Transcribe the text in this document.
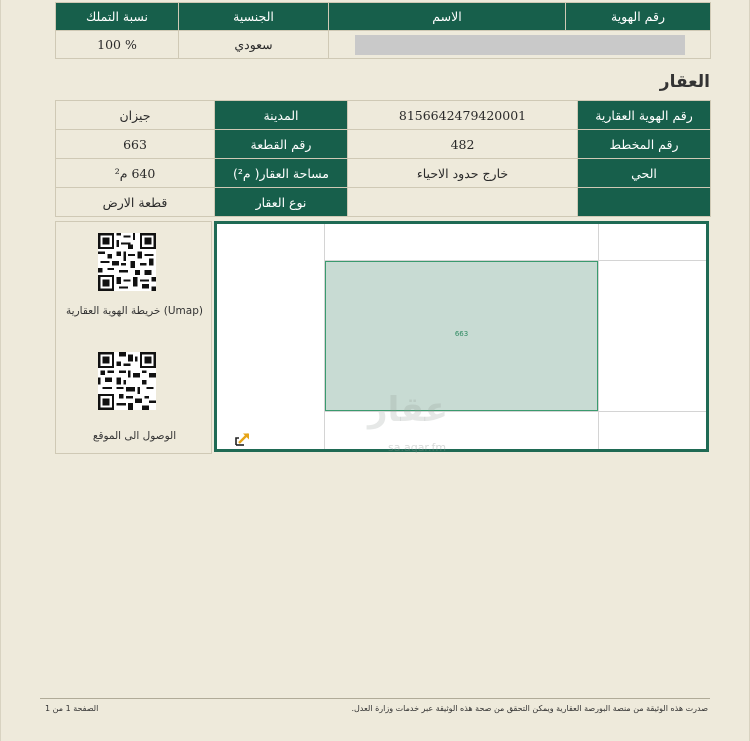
رقم الهوية	الاسم	الجنسية	نسبة التملك
		سعودي	100 %
العقار
رقم الهوية العقارية	8156642479420001	المدينة	جيزان
رقم المخطط	482	رقم القطعة	663
الحي	خارج حدود الاحياء	مساحة العقار( م²)	640 م²
		نوع العقار	قطعة الارض
(Umap) خريطة الهوية العقارية
الوصول الى الموقع
663
عقار
sa.aqar.fm
الصفحة 1 من 1	صدرت هذه الوثيقة من منصة البورصة العقارية ويمكن التحقق من صحة هذه الوثيقة عبر خدمات وزارة العدل.
